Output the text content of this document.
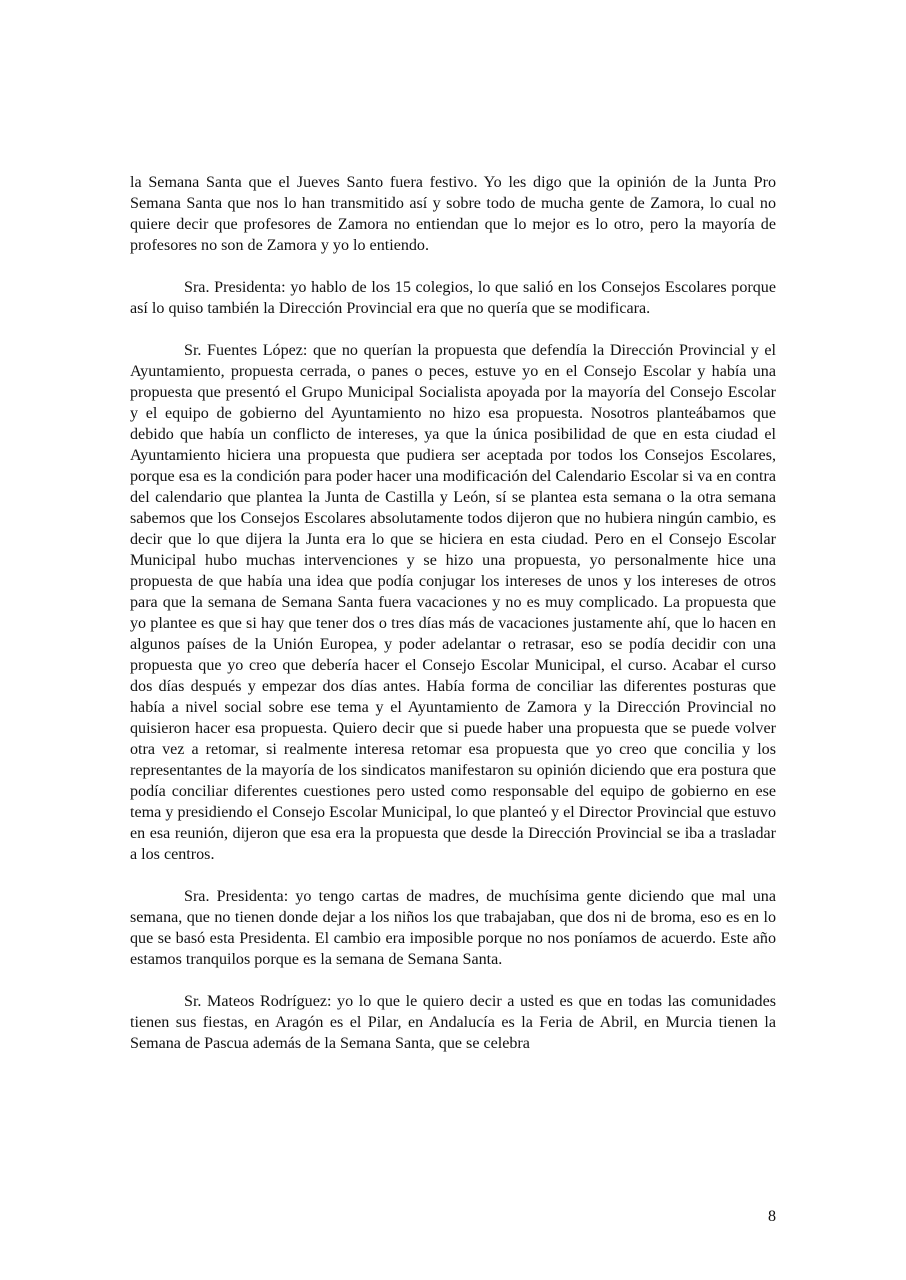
la Semana Santa que el Jueves Santo fuera festivo. Yo les digo que la opinión de la Junta Pro Semana Santa que nos lo han transmitido así y sobre todo de mucha gente de Zamora, lo cual no quiere decir que profesores de Zamora no entiendan que lo mejor es lo otro, pero la mayoría de profesores no son de Zamora y yo lo entiendo.

Sra. Presidenta: yo hablo de los 15 colegios, lo que salió en los Consejos Escolares porque así lo quiso también la Dirección Provincial era que no quería que se modificara.

Sr. Fuentes López: que no querían la propuesta que defendía la Dirección Provincial y el Ayuntamiento, propuesta cerrada, o panes o peces, estuve yo en el Consejo Escolar y había una propuesta que presentó el Grupo Municipal Socialista apoyada por la mayoría del Consejo Escolar y el equipo de gobierno del Ayuntamiento no hizo esa propuesta. Nosotros planteábamos que debido que había un conflicto de intereses, ya que la única posibilidad de que en esta ciudad el Ayuntamiento hiciera una propuesta que pudiera ser aceptada por todos los Consejos Escolares, porque esa es la condición para poder hacer una modificación del Calendario Escolar si va en contra del calendario que plantea la Junta de Castilla y León, sí se plantea esta semana o la otra semana sabemos que los Consejos Escolares absolutamente todos dijeron que no hubiera ningún cambio, es decir que lo que dijera la Junta era lo que se hiciera en esta ciudad. Pero en el Consejo Escolar Municipal hubo muchas intervenciones y se hizo una propuesta, yo personalmente hice una propuesta de que había una idea que podía conjugar los intereses de unos y los intereses de otros para que la semana de Semana Santa fuera vacaciones y no es muy complicado. La propuesta que yo plantee es que si hay que tener dos o tres días más de vacaciones justamente ahí, que lo hacen en algunos países de la Unión Europea, y poder adelantar o retrasar, eso se podía decidir con una propuesta que yo creo que debería hacer el Consejo Escolar Municipal, el curso. Acabar el curso dos días después y empezar dos días antes. Había forma de conciliar las diferentes posturas que había a nivel social sobre ese tema y el Ayuntamiento de Zamora y la Dirección Provincial no quisieron hacer esa propuesta. Quiero decir que si puede haber una propuesta que se puede volver otra vez a retomar, si realmente interesa retomar esa propuesta que yo creo que concilia y los representantes de la mayoría de los sindicatos manifestaron su opinión diciendo que era postura que podía conciliar diferentes cuestiones pero usted como responsable del equipo de gobierno en ese tema y presidiendo el Consejo Escolar Municipal, lo que planteó y el Director Provincial que estuvo en esa reunión, dijeron que esa era la propuesta que desde la Dirección Provincial se iba a trasladar a los centros.

Sra. Presidenta: yo tengo cartas de madres, de muchísima gente diciendo que mal una semana, que no tienen donde dejar a los niños los que trabajaban, que dos ni de broma, eso es en lo que se basó esta Presidenta. El cambio era imposible porque no nos poníamos de acuerdo. Este año estamos tranquilos porque es la semana de Semana Santa.

Sr. Mateos Rodríguez: yo lo que le quiero decir a usted es que en todas las comunidades tienen sus fiestas, en Aragón es el Pilar, en Andalucía es la Feria de Abril, en Murcia tienen la Semana de Pascua además de la Semana Santa, que se celebra

8
